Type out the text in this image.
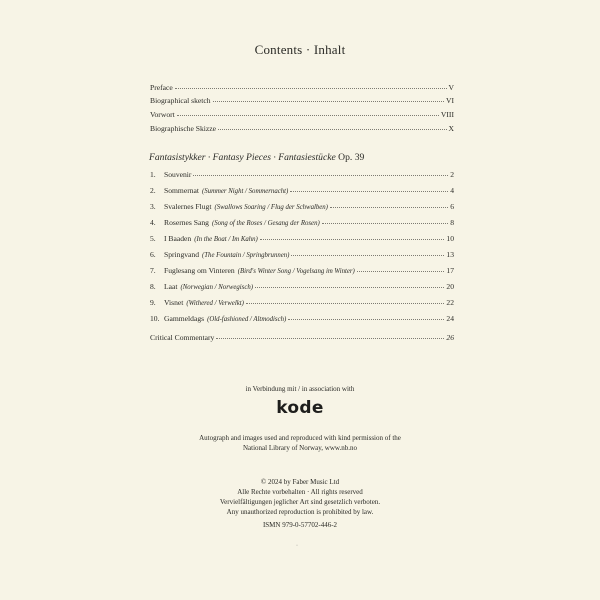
Contents · Inhalt
Preface	V
Biographical sketch	VI
Vorwort	VIII
Biographische Skizze	X
Fantasistykker · Fantasy Pieces · Fantasiestücke Op. 39
1.	Souvenir	2
2.	Sommernat (Summer Night / Sommernacht)	4
3.	Svalernes Flugt (Swallows Soaring / Flug der Schwalben)	6
4.	Rosernes Sang (Song of the Roses / Gesang der Rosen)	8
5.	I Baaden (In the Boat / Im Kahn)	10
6.	Springvand (The Fountain / Springbrunnen)	13
7.	Fuglesang om Vinteren (Bird's Winter Song / Vogelsang im Winter)	17
8.	Laat (Norwegian / Norwegisch)	20
9.	Visnet (Withered / Verwelkt)	22
10. Gammeldags (Old-fashioned / Altmodisch)	24
Critical Commentary	26
in Verbindung mit / in association with
kode
Autograph and images used and reproduced with kind permission of the
National Library of Norway, www.nb.no
© 2024 by Faber Music Ltd
Alle Rechte vorbehalten · All rights reserved
Vervielfältigungen jeglicher Art sind gesetzlich verboten.
Any unauthorized reproduction is prohibited by law.
ISMN 979-0-57702-446-2
·
